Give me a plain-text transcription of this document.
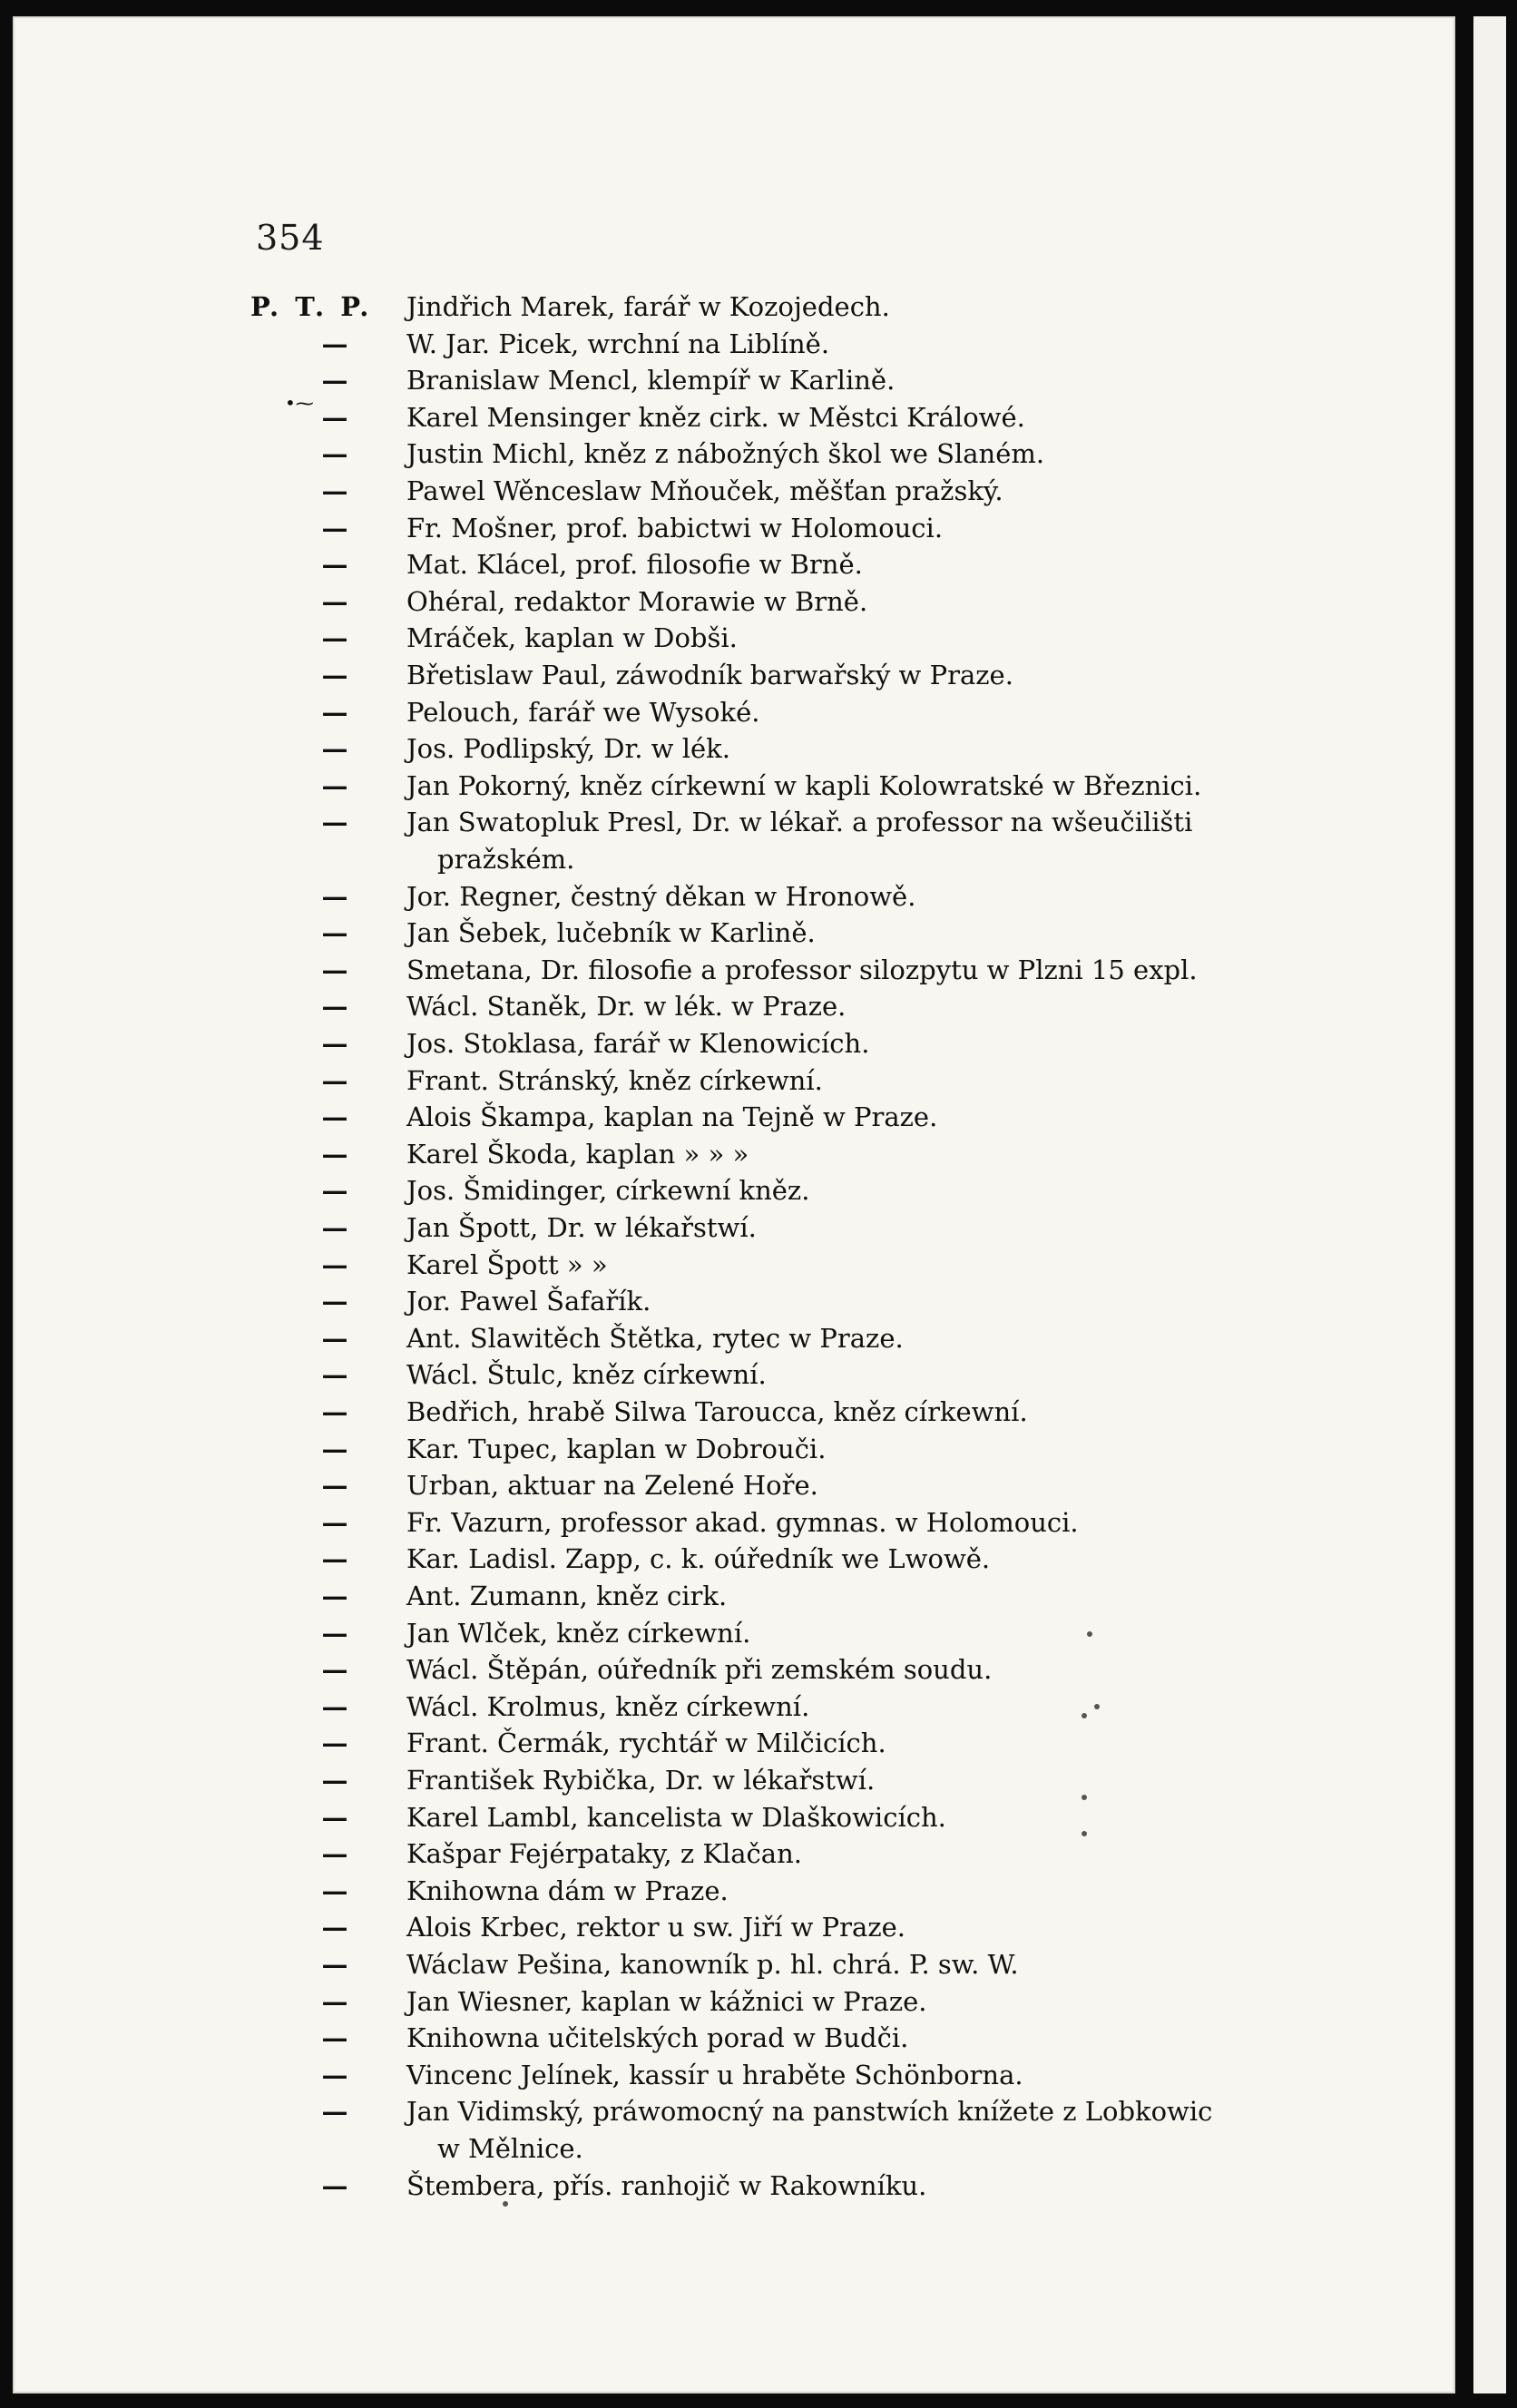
354
P. T. P.	Jindřich Marek, farář w Kozojedech.
—	W. Jar. Picek, wrchní na Liblíně.
—	Branislaw Mencl, klempíř w Karlině.
—	Karel Mensinger kněz cirk. w Městci Králowé.
—	Justin Michl, kněz z nábožných škol we Slaném.
—	Pawel Wěnceslaw Mňouček, měšťan pražský.
—	Fr. Mošner, prof. babictwi w Holomouci.
—	Mat. Klácel, prof. filosofie w Brně.
—	Ohéral, redaktor Morawie w Brně.
—	Mráček, kaplan w Dobši.
—	Břetislaw Paul, záwodník barwařský w Praze.
—	Pelouch, farář we Wysoké.
—	Jos. Podlipský, Dr. w lék.
—	Jan Pokorný, kněz církewní w kapli Kolowratské w Březnici.
—	Jan Swatopluk Presl, Dr. w lékař. a professor na wšeučilišti
pražském.
—	Jor. Regner, čestný děkan w Hronowě.
—	Jan Šebek, lučebník w Karlině.
—	Smetana, Dr. filosofie a professor silozpytu w Plzni 15 expl.
—	Wácl. Staněk, Dr. w lék. w Praze.
—	Jos. Stoklasa, farář w Klenowicích.
—	Frant. Stránský, kněz církewní.
—	Alois Škampa, kaplan na Tejně w Praze.
—	Karel Škoda, kaplan » » »
—	Jos. Šmidinger, církewní kněz.
—	Jan Špott, Dr. w lékařstwí.
—	Karel Špott » »
—	Jor. Pawel Šafařík.
—	Ant. Slawitěch Štětka, rytec w Praze.
—	Wácl. Štulc, kněz církewní.
—	Bedřich, hrabě Silwa Taroucca, kněz církewní.
—	Kar. Tupec, kaplan w Dobrouči.
—	Urban, aktuar na Zelené Hoře.
—	Fr. Vazurn, professor akad. gymnas. w Holomouci.
—	Kar. Ladisl. Zapp, c. k. oúředník we Lwowě.
—	Ant. Zumann, kněz cirk.
—	Jan Wlček, kněz církewní.
—	Wácl. Štěpán, oúředník při zemském soudu.
—	Wácl. Krolmus, kněz církewní.
—	Frant. Čermák, rychtář w Milčicích.
—	František Rybička, Dr. w lékařstwí.
—	Karel Lambl, kancelista w Dlaškowicích.
—	Kašpar Fejérpataky, z Klačan.
—	Knihowna dám w Praze.
—	Alois Krbec, rektor u sw. Jiří w Praze.
—	Wáclaw Pešina, kanowník p. hl. chrá. P. sw. W.
—	Jan Wiesner, kaplan w kážnici w Praze.
—	Knihowna učitelských porad w Budči.
—	Vincenc Jelínek, kassír u hraběte Schönborna.
—	Jan Vidimský, práwomocný na panstwích knížete z Lobkowic
w Mělnice.
—	Štembera, přís. ranhojič w Rakowníku.
•⁓
